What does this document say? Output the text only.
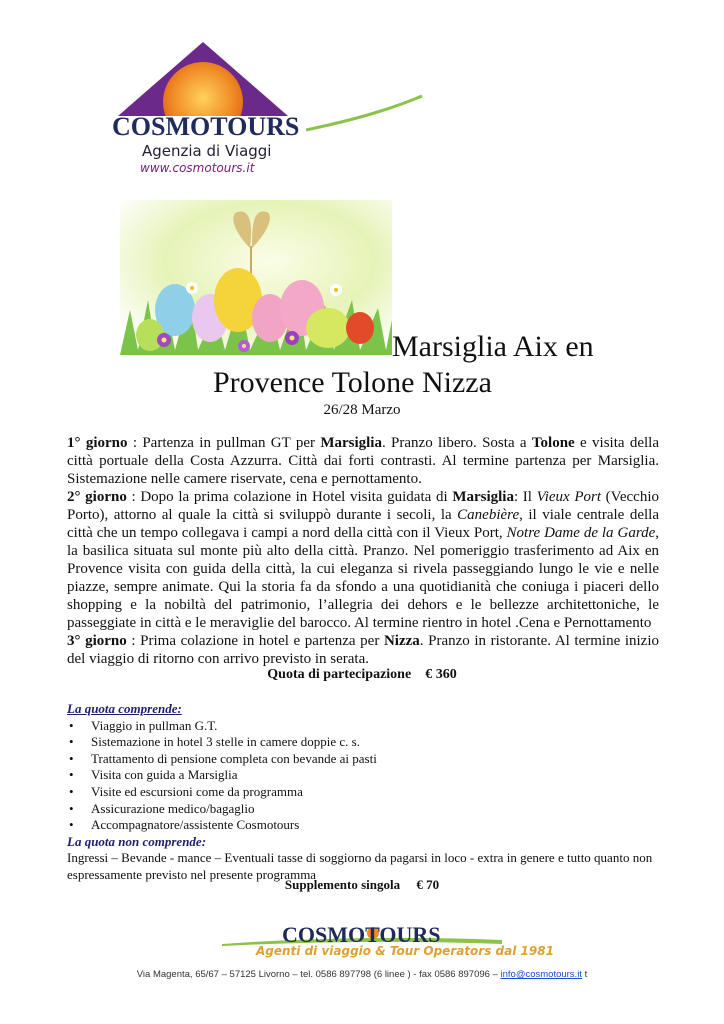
COSMOTOURS
Agenzia di Viaggi
www.cosmotours.it
Marsiglia Aix en
Provence Tolone Nizza
26/28 Marzo

1° giorno : Partenza in pullman GT per Marsiglia. Pranzo libero. Sosta a Tolone e visita della città portuale della Costa Azzurra. Città dai forti contrasti. Al termine partenza per Marsiglia. Sistemazione nelle camere riservate, cena e pernottamento.

2° giorno : Dopo la prima colazione in Hotel visita guidata di Marsiglia: Il Vieux Port (Vecchio Porto), attorno al quale la città si sviluppò durante i secoli, la Canebière, il viale centrale della città che un tempo collegava i campi a nord della città con il Vieux Port, Notre Dame de la Garde, la basilica situata sul monte più alto della città. Pranzo. Nel pomeriggio trasferimento ad Aix en Provence visita con guida della città, la cui eleganza si rivela passeggiando lungo le vie e nelle piazze, sempre animate. Qui la storia fa da sfondo a una quotidianità che coniuga i piaceri dello shopping e la nobiltà del patrimonio, l’allegria dei dehors e le bellezze architettoniche, le passeggiate in città e le meraviglie del barocco. Al termine rientro in hotel .Cena e Pernottamento

3° giorno : Prima colazione in hotel e partenza per Nizza. Pranzo in ristorante. Al termine inizio del viaggio di ritorno con arrivo previsto in serata.

Quota di partecipazione € 360
La quota comprende:
• Viaggio in pullman G.T.
• Sistemazione in hotel 3 stelle in camere doppie c. s.
• Trattamento di pensione completa con bevande ai pasti
• Visita con guida a Marsiglia
• Visite ed escursioni come da programma
• Assicurazione medico/bagaglio
• Accompagnatore/assistente Cosmotours
La quota non comprende:

Ingressi – Bevande - mance – Eventuali tasse di soggiorno da pagarsi in loco - extra in genere e tutto quanto non espressamente previsto nel presente programma

Supplemento singola € 70
COSMOTOURS
Agenti di viaggio & Tour Operators dal 1981
Via Magenta, 65/67 – 57125 Livorno – tel. 0586 897798 (6 linee ) - fax 0586 897096 – info@cosmotours.it t
